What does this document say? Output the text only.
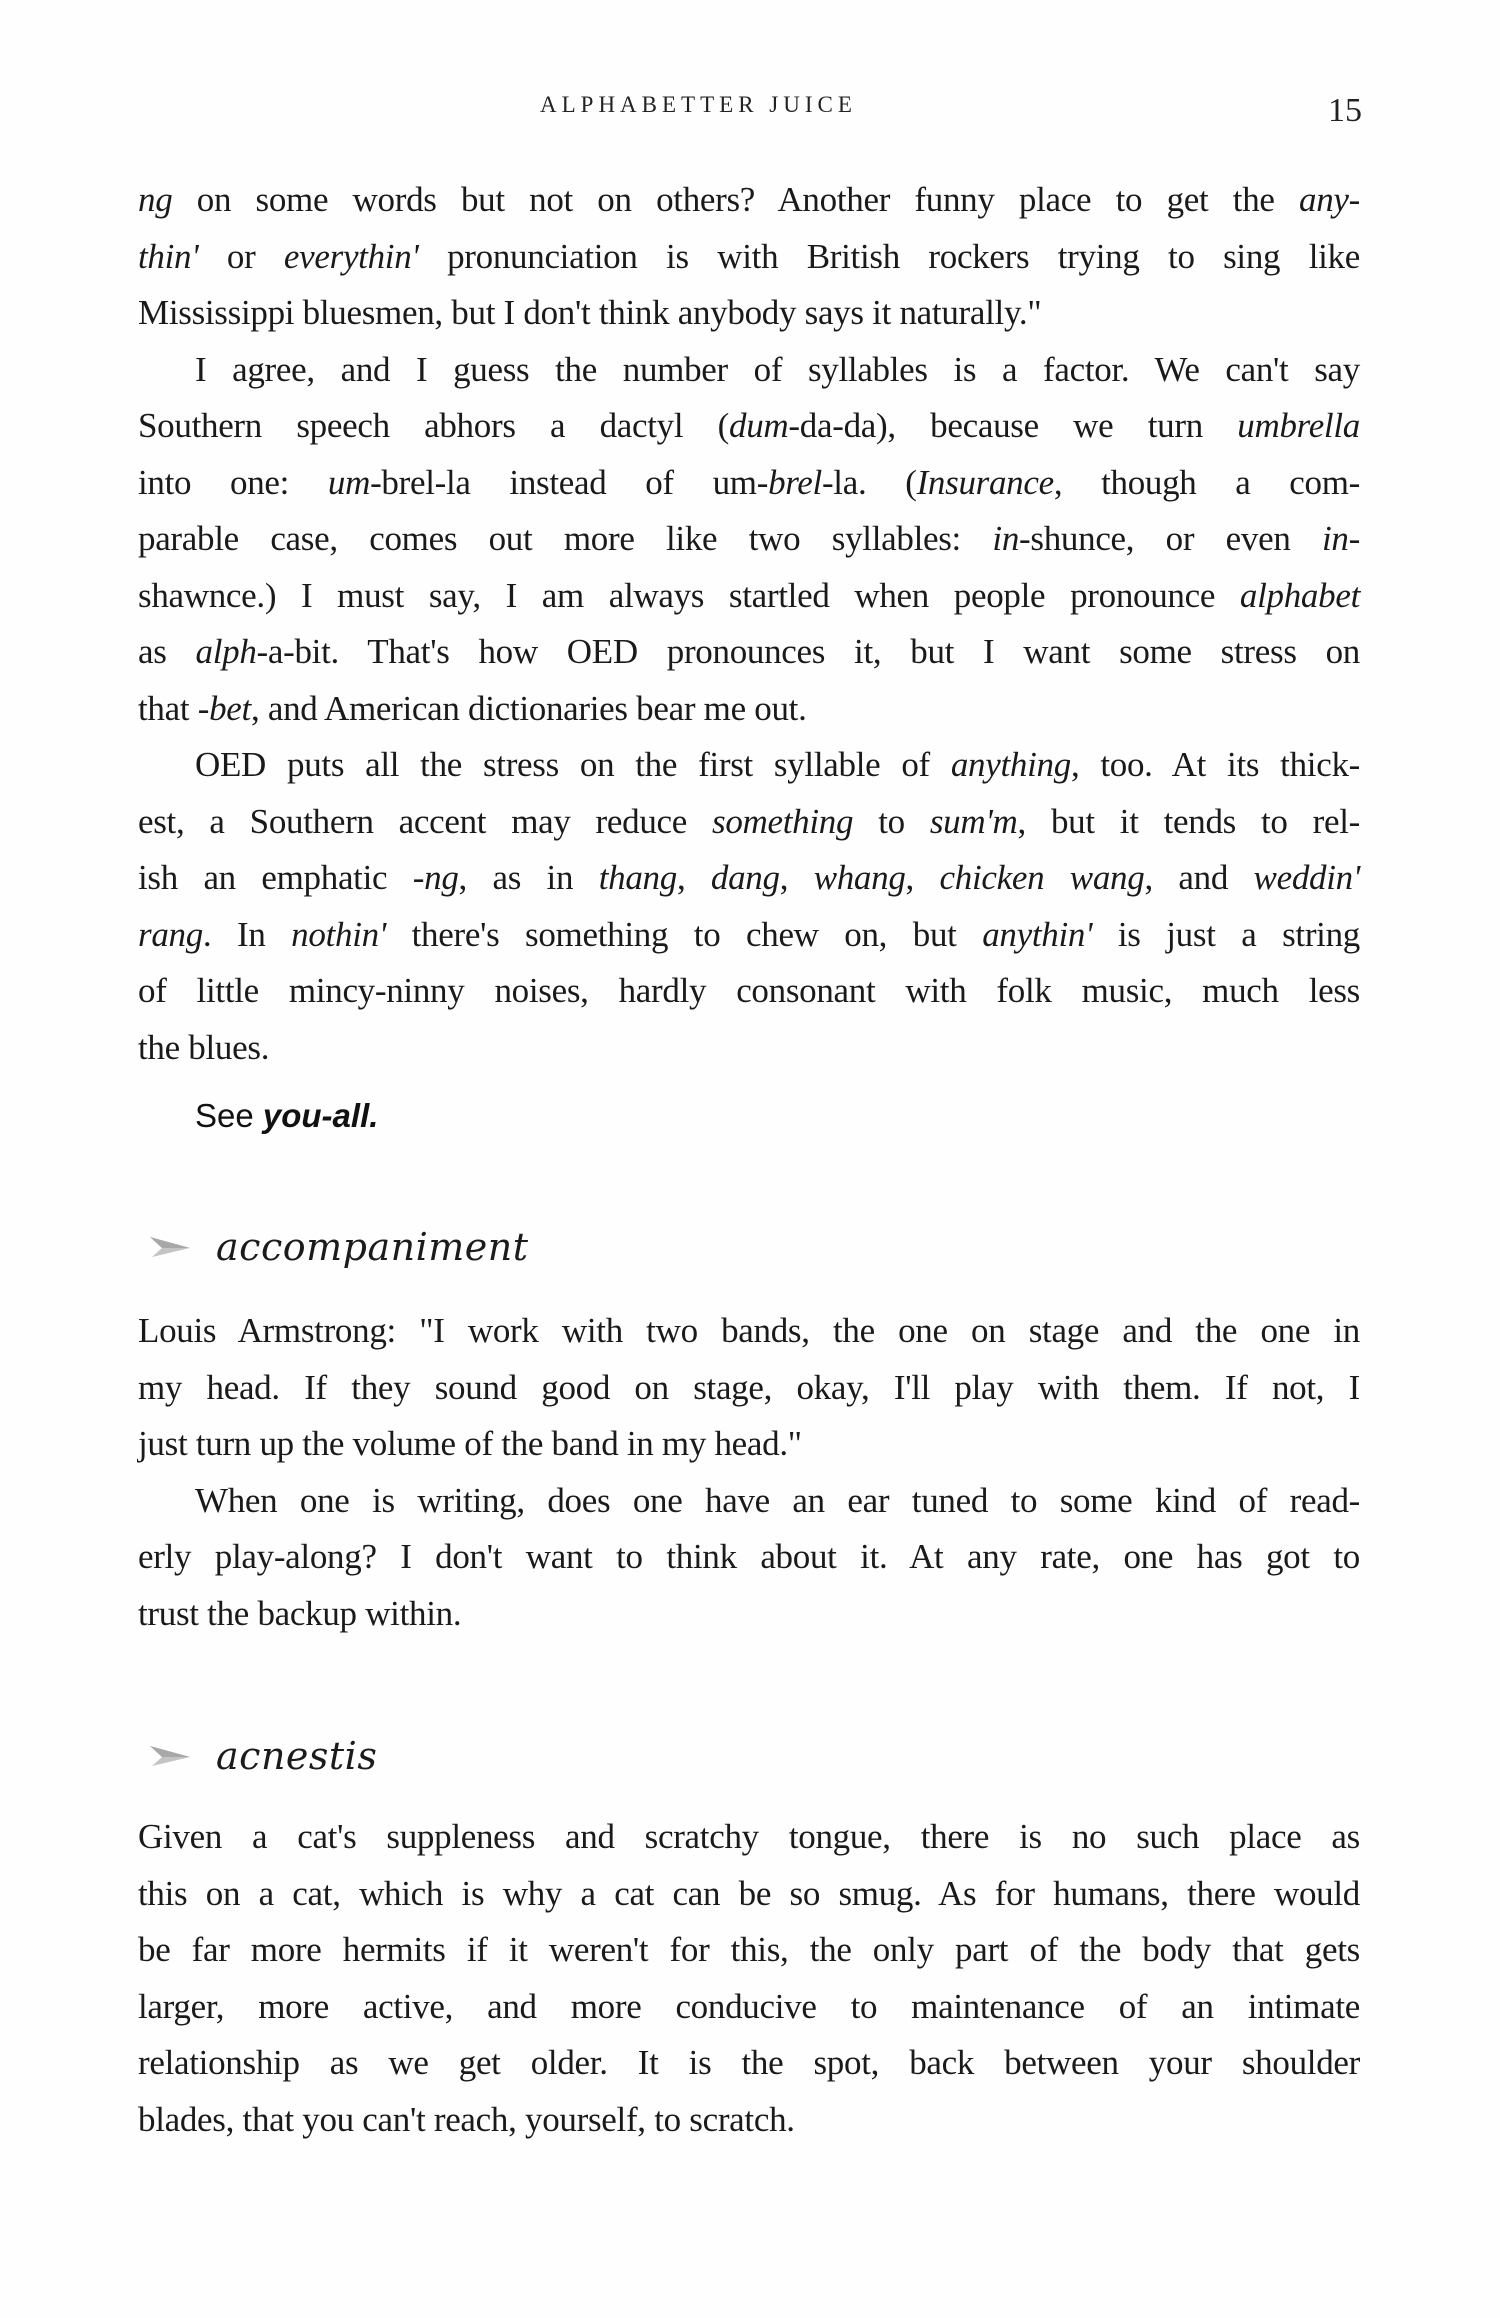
ALPHABETTER JUICE	15
ng on some words but not on others? Another funny place to get the any-
thin' or everythin' pronunciation is with British rockers trying to sing like
Mississippi bluesmen, but I don't think anybody says it naturally."
I agree, and I guess the number of syllables is a factor. We can't say
Southern speech abhors a dactyl (dum-da-da), because we turn umbrella
into one: um-brel-la instead of um-brel-la. (Insurance, though a com-
parable case, comes out more like two syllables: in-shunce, or even in-
shawnce.) I must say, I am always startled when people pronounce alphabet
as alph-a-bit. That's how OED pronounces it, but I want some stress on
that -bet, and American dictionaries bear me out.
OED puts all the stress on the first syllable of anything, too. At its thick-
est, a Southern accent may reduce something to sum'm, but it tends to rel-
ish an emphatic -ng, as in thang, dang, whang, chicken wang, and weddin'
rang. In nothin' there's something to chew on, but anythin' is just a string
of little mincy-ninny noises, hardly consonant with folk music, much less
the blues.
See you-all.
accompaniment
Louis Armstrong: "I work with two bands, the one on stage and the one in
my head. If they sound good on stage, okay, I'll play with them. If not, I
just turn up the volume of the band in my head."
When one is writing, does one have an ear tuned to some kind of read-
erly play-along? I don't want to think about it. At any rate, one has got to
trust the backup within.
acnestis
Given a cat's suppleness and scratchy tongue, there is no such place as
this on a cat, which is why a cat can be so smug. As for humans, there would
be far more hermits if it weren't for this, the only part of the body that gets
larger, more active, and more conducive to maintenance of an intimate
relationship as we get older. It is the spot, back between your shoulder
blades, that you can't reach, yourself, to scratch.
